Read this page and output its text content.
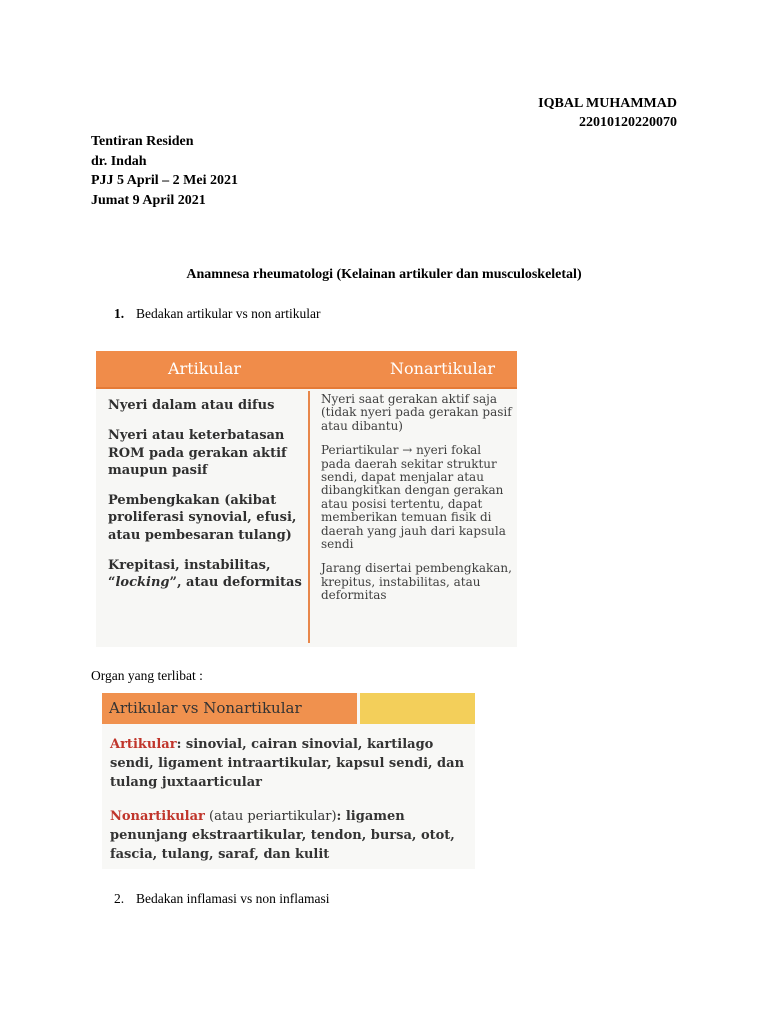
IQBAL MUHAMMAD
22010120220070
Tentiran Residen
dr. Indah
PJJ 5 April – 2 Mei 2021
Jumat 9 April 2021
Anamnesa rheumatologi (Kelainan artikuler dan musculoskeletal)
1. Bedakan artikular vs non artikular
Artikular	Nonartikular

Nyeri dalam atau difus

Nyeri atau keterbatasan ROM pada gerakan aktif maupun pasif

Pembengkakan (akibat proliferasi synovial, efusi, atau pembesaran tulang)

Krepitasi, instabilitas, “locking”, atau deformitas

Nyeri saat gerakan aktif saja (tidak nyeri pada gerakan pasif atau dibantu)

Periartikular → nyeri fokal pada daerah sekitar struktur sendi, dapat menjalar atau dibangkitkan dengan gerakan atau posisi tertentu, dapat memberikan temuan fisik di daerah yang jauh dari kapsula sendi

Jarang disertai pembengkakan, krepitus, instabilitas, atau deformitas

Organ yang terlibat :
Artikular vs Nonartikular
Artikular: sinovial, cairan sinovial, kartilago sendi, ligament intraartikular, kapsul sendi, dan tulang juxtaarticular
Nonartikular (atau periartikular): ligamen penunjang ekstraartikular, tendon, bursa, otot, fascia, tulang, saraf, dan kulit
2. Bedakan inflamasi vs non inflamasi
